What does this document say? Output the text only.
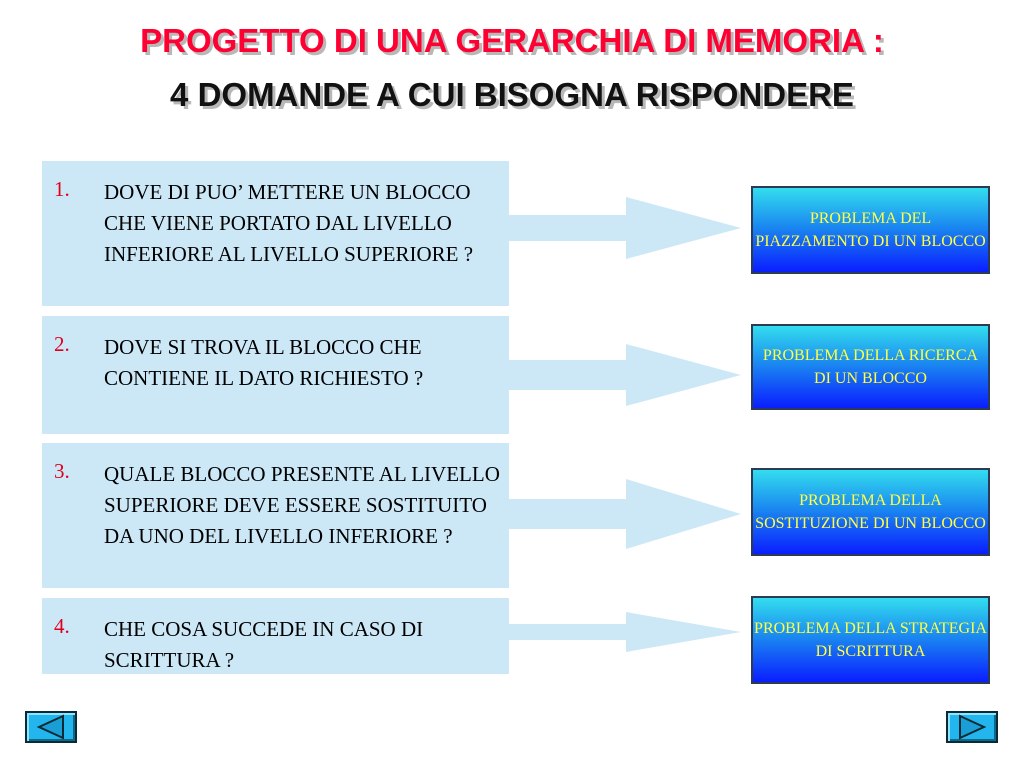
PROGETTO DI UNA GERARCHIA DI MEMORIA :
4 DOMANDE A CUI BISOGNA RISPONDERE
1. DOVE DI PUO’ METTERE UN BLOCCO CHE VIENE PORTATO DAL LIVELLO INFERIORE AL LIVELLO SUPERIORE ?
PROBLEMA DEL PIAZZAMENTO DI UN BLOCCO
2. DOVE SI TROVA IL BLOCCO CHE CONTIENE IL DATO RICHIESTO ?
PROBLEMA DELLA RICERCA DI UN BLOCCO
3. QUALE BLOCCO PRESENTE AL LIVELLO SUPERIORE DEVE ESSERE SOSTITUITO DA UNO DEL LIVELLO INFERIORE ?
PROBLEMA DELLA SOSTITUZIONE DI UN BLOCCO
4. CHE COSA SUCCEDE IN CASO DI SCRITTURA ?
PROBLEMA DELLA STRATEGIA DI SCRITTURA
